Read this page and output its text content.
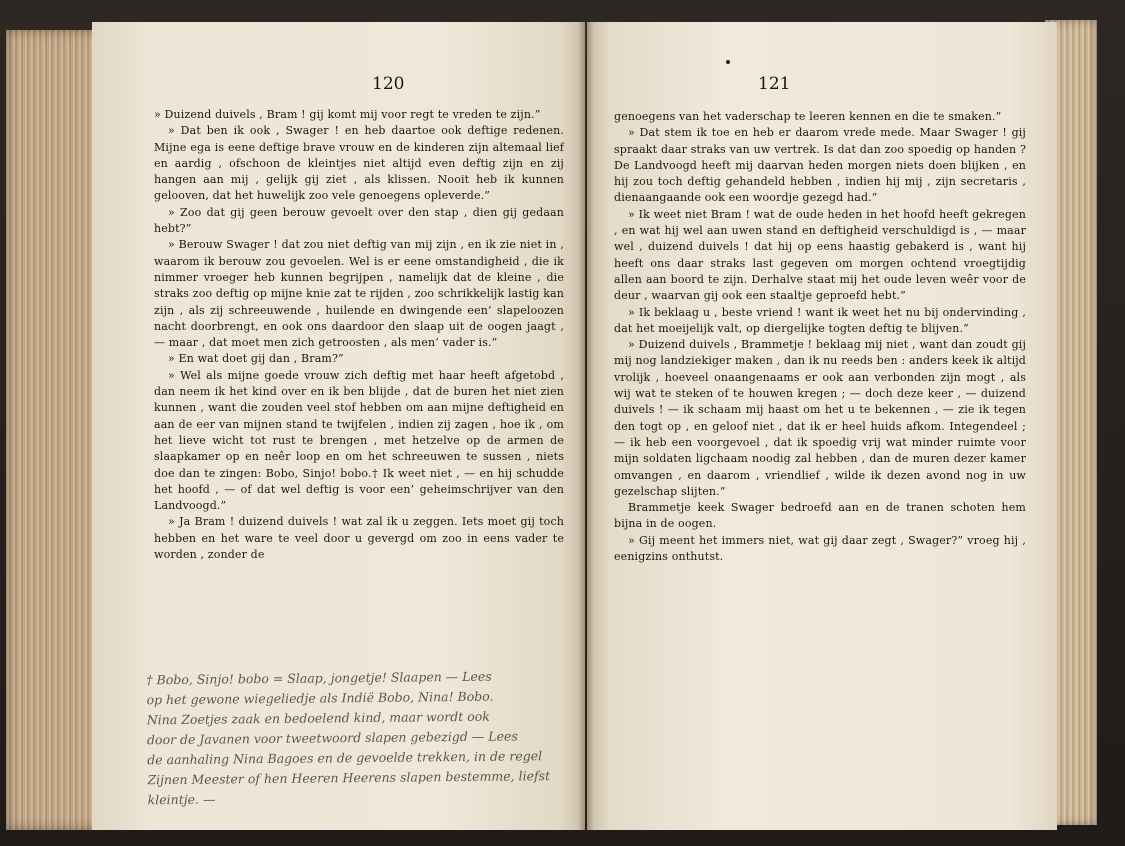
120

» Duizend duivels , Bram ! gij komt mij voor regt te vreden te zijn.”

» Dat ben ik ook , Swager ! en heb daartoe ook deftige redenen. Mijne ega is eene deftige brave vrouw en de kinderen zijn altemaal lief en aardig , ofschoon de kleintjes niet altijd even deftig zijn en zij hangen aan mij , gelijk gij ziet , als klissen. Nooit heb ik kunnen gelooven, dat het huwelijk zoo vele genoegens opleverde.”

» Zoo dat gij geen berouw gevoelt over den stap , dien gij gedaan hebt?”

» Berouw Swager ! dat zou niet deftig van mij zijn , en ik zie niet in , waarom ik berouw zou gevoelen. Wel is er eene omstandigheid , die ik nimmer vroeger heb kunnen begrijpen , namelijk dat de kleine , die straks zoo deftig op mijne knie zat te rijden , zoo schrikkelijk lastig kan zijn , als zij schreeuwende , huilende en dwingende een’ slapeloozen nacht doorbrengt, en ook ons daardoor den slaap uit de oogen jaagt , — maar , dat moet men zich getroosten , als men’ vader is.”

» En wat doet gij dan , Bram?”

» Wel als mijne goede vrouw zich deftig met haar heeft afgetobd , dan neem ik het kind over en ik ben blijde , dat de buren het niet zien kunnen , want die zouden veel stof hebben om aan mijne deftigheid en aan de eer van mijnen stand te twijfelen , indien zij zagen , hoe ik , om het lieve wicht tot rust te brengen , met hetzelve op de armen de slaapkamer op en neêr loop en om het schreeuwen te sussen , niets doe dan te zingen: Bobo, Sinjo! bobo.† Ik weet niet , — en hij schudde het hoofd , — of dat wel deftig is voor een’ geheimschrijver van den Landvoogd.”

» Ja Bram ! duizend duivels ! wat zal ik u zeggen. Iets moet gij toch hebben en het ware te veel door u gevergd om zoo in eens vader te worden , zonder de

† Bobo, Sinjo! bobo = Slaap, jongetje! Slaapen — Lees
op het gewone wiegeliedje als Indië Bobo, Nina! Bobo.
Nina Zoetjes zaak en bedoelend kind, maar wordt ook
door de Javanen voor tweetwoord slapen gebezigd — Lees
de aanhaling Nina Bagoes en de gevoelde trekken, in de regel
Zijnen Meester of hen Heeren Heerens slapen bestemme, liefst
kleintje. —
121

genoegens van het vaderschap te leeren kennen en die te smaken.”

» Dat stem ik toe en heb er daarom vrede mede. Maar Swager ! gij spraakt daar straks van uw vertrek. Is dat dan zoo spoedig op handen ? De Landvoogd heeft mij daarvan heden morgen niets doen blijken , en hij zou toch deftig gehandeld hebben , indien hij mij , zijn secretaris , dienaangaande ook een woordje gezegd had.”

» Ik weet niet Bram ! wat de oude heden in het hoofd heeft gekregen , en wat hij wel aan uwen stand en deftigheid verschuldigd is , — maar wel , duizend duivels ! dat hij op eens haastig gebakerd is , want hij heeft ons daar straks last gegeven om morgen ochtend vroegtijdig allen aan boord te zijn. Derhalve staat mij het oude leven weêr voor de deur , waarvan gij ook een staaltje geproefd hebt.”

» Ik beklaag u , beste vriend ! want ik weet het nu bij ondervinding , dat het moeijelijk valt, op diergelijke togten deftig te blijven.”

» Duizend duivels , Brammetje ! beklaag mij niet , want dan zoudt gij mij nog landziekiger maken , dan ik nu reeds ben : anders keek ik altijd vrolijk , hoeveel onaangenaams er ook aan verbonden zijn mogt , als wij wat te steken of te houwen kregen ; — doch deze keer , — duizend duivels ! — ik schaam mij haast om het u te bekennen , — zie ik tegen den togt op , en geloof niet , dat ik er heel huids afkom. Integendeel ; — ik heb een voorgevoel , dat ik spoedig vrij wat minder ruimte voor mijn soldaten ligchaam noodig zal hebben , dan de muren dezer kamer omvangen , en daarom , vriendlief , wilde ik dezen avond nog in uw gezelschap slijten.”

Brammetje keek Swager bedroefd aan en de tranen schoten hem bijna in de oogen.

» Gij meent het immers niet, wat gij daar zegt , Swager?” vroeg hij , eenigzins onthutst.
